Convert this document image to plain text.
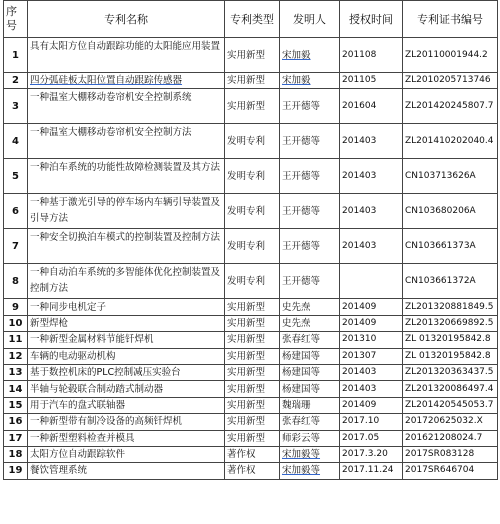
序
号	专利名称	专利类型	发明人	授权时间	专利证书编号
1	具有太阳方位自动跟踪功能的太阳能应用装置	实用新型	宋加毅	201108	ZL20110001944.2
2	四分弧硅板太阳位置自动跟踪传感器	实用新型	宋加毅	201105	ZL2010205713746
3	一种温室大棚移动卷帘机安全控制系统	实用新型	王开德等	201604	ZL201420245807.7
4	一种温室大棚移动卷帘机安全控制方法	发明专利	王开德等	201403	ZL201410202040.4
5	一种泊车系统的功能性故障检测装置及其方法	发明专利	王开德等	201403	CN103713626A
6	一种基于激光引导的停车场内车辆引导装置及引导方法	发明专利	王开德等	201403	CN103680206A
7	一种安全切换泊车模式的控制装置及控制方法	发明专利	王开德等	201403	CN103661373A
8	一种自动泊车系统的多智能体优化控制装置及控制方法	发明专利	王开德等		CN103661372A
9	一种同步电机定子	实用新型	史先焘	201409	ZL201320881849.5
10	新型焊枪	实用新型	史先焘	201409	ZL201320669892.5
11	一种新型金属材料节能钎焊机	实用新型	张春红等	201310	ZL 01320195842.8
12	车辆的电动驱动机构	实用新型	杨建国等	201307	ZL 01320195842.8
13	基于数控机床的PLC控制减压实验台	实用新型	杨建国等	201403	ZL201320363437.5
14	半轴与轮毂联合制动踏式制动器	实用新型	杨建国等	201403	ZL201320086497.4
15	用于汽车的盘式联轴器	实用新型	魏瑞珊	201409	ZL201420545053.7
16	一种新型带有制冷设备的高频钎焊机	实用新型	张春红等	2017.10	201720625032.X
17	一种新型塑料检查并模具	实用新型	师彩云等	2017.05	201621208024.7
18	太阳方位自动跟踪软件	著作权	宋加毅等	2017.3.20	2017SR083128
19	餐饮管理系统	著作权	宋加毅等	2017.11.24	2017SR646704
